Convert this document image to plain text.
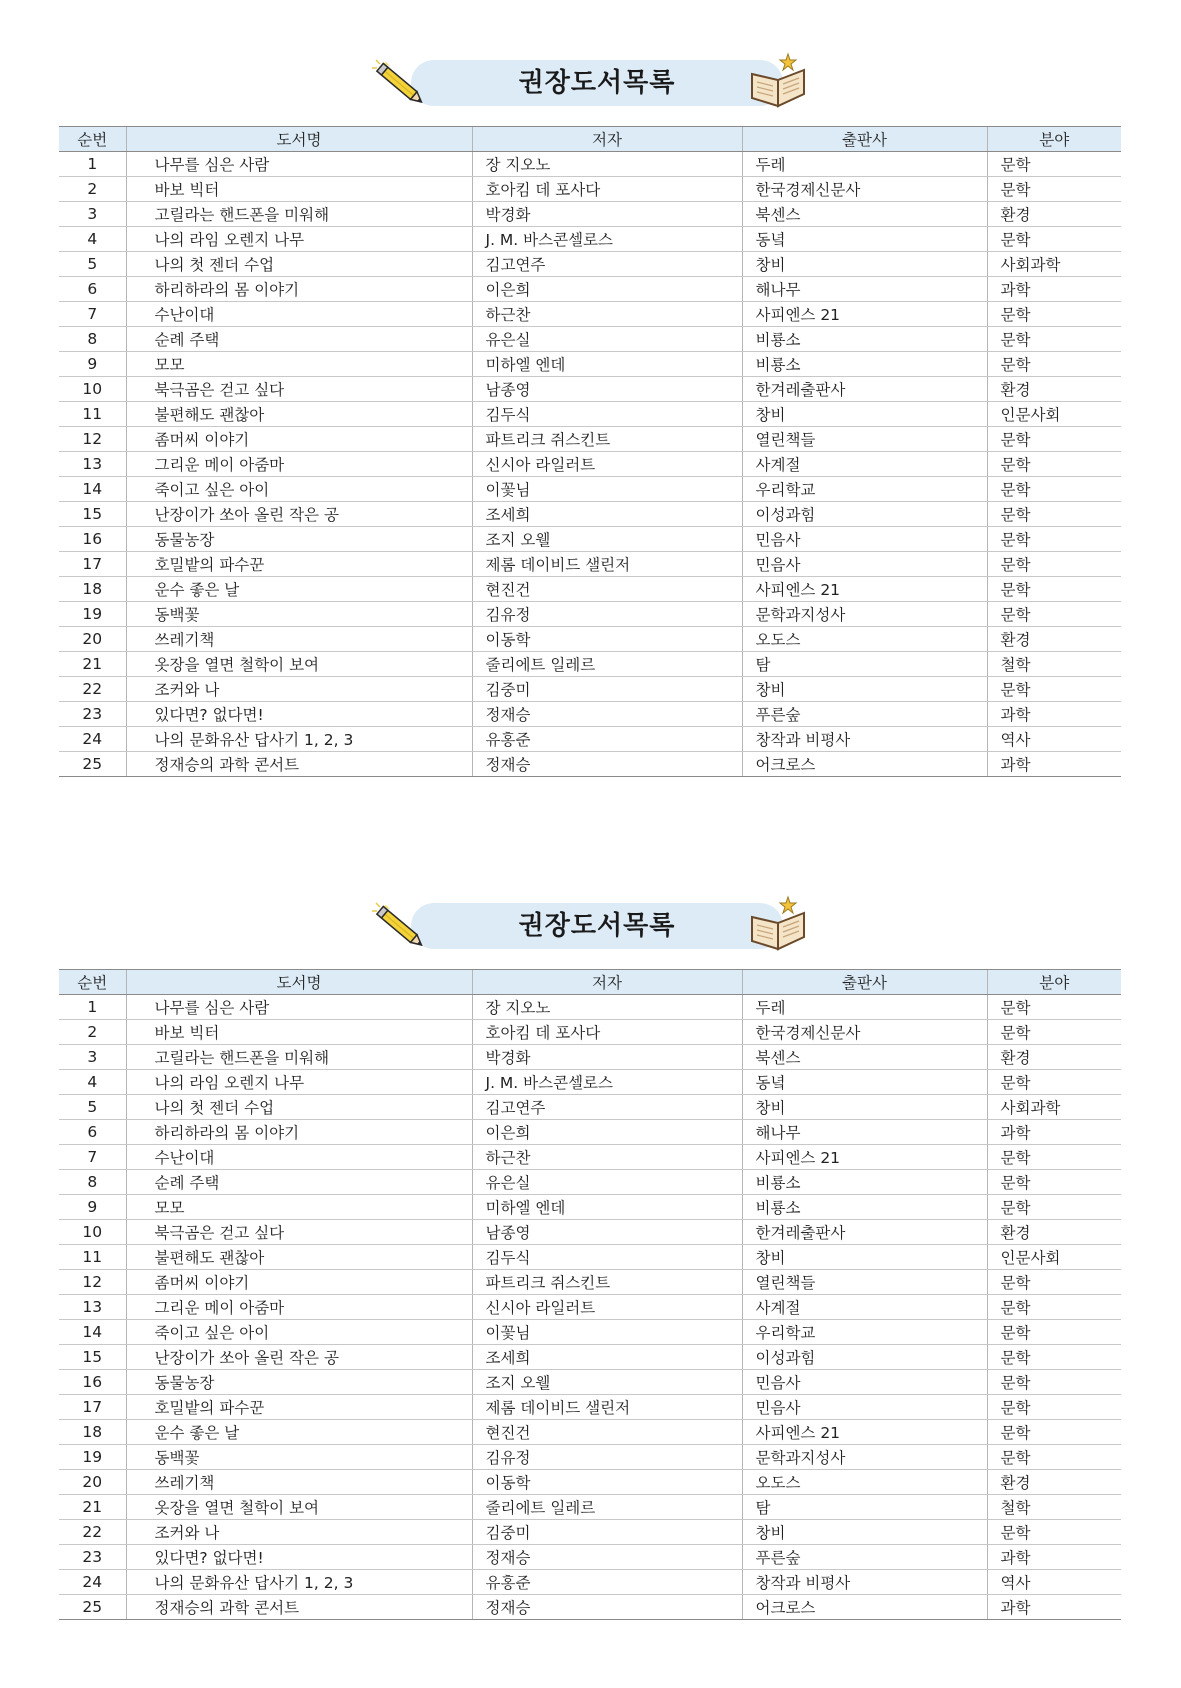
권장도서목록
순번	도서명	저자	출판사	분야
1	나무를 심은 사람	장 지오노	두레	문학
2	바보 빅터	호아킴 데 포사다	한국경제신문사	문학
3	고릴라는 핸드폰을 미워해	박경화	북센스	환경
4	나의 라임 오렌지 나무	J. M. 바스콘셀로스	동녘	문학
5	나의 첫 젠더 수업	김고연주	창비	사회과학
6	하리하라의 몸 이야기	이은희	해나무	과학
7	수난이대	하근찬	사피엔스 21	문학
8	순례 주택	유은실	비룡소	문학
9	모모	미하엘 엔데	비룡소	문학
10	북극곰은 걷고 싶다	남종영	한겨레출판사	환경
11	불편해도 괜찮아	김두식	창비	인문사회
12	좀머씨 이야기	파트리크 쥐스킨트	열린책들	문학
13	그리운 메이 아줌마	신시아 라일러트	사계절	문학
14	죽이고 싶은 아이	이꽃님	우리학교	문학
15	난장이가 쏘아 올린 작은 공	조세희	이성과힘	문학
16	동물농장	조지 오웰	민음사	문학
17	호밀밭의 파수꾼	제롬 데이비드 샐린저	민음사	문학
18	운수 좋은 날	현진건	사피엔스 21	문학
19	동백꽃	김유정	문학과지성사	문학
20	쓰레기책	이동학	오도스	환경
21	옷장을 열면 철학이 보여	줄리에트 일레르	탐	철학
22	조커와 나	김중미	창비	문학
23	있다면? 없다면!	정재승	푸른숲	과학
24	나의 문화유산 답사기 1, 2, 3	유홍준	창작과 비평사	역사
25	정재승의 과학 콘서트	정재승	어크로스	과학
권장도서목록
순번	도서명	저자	출판사	분야
1	나무를 심은 사람	장 지오노	두레	문학
2	바보 빅터	호아킴 데 포사다	한국경제신문사	문학
3	고릴라는 핸드폰을 미워해	박경화	북센스	환경
4	나의 라임 오렌지 나무	J. M. 바스콘셀로스	동녘	문학
5	나의 첫 젠더 수업	김고연주	창비	사회과학
6	하리하라의 몸 이야기	이은희	해나무	과학
7	수난이대	하근찬	사피엔스 21	문학
8	순례 주택	유은실	비룡소	문학
9	모모	미하엘 엔데	비룡소	문학
10	북극곰은 걷고 싶다	남종영	한겨레출판사	환경
11	불편해도 괜찮아	김두식	창비	인문사회
12	좀머씨 이야기	파트리크 쥐스킨트	열린책들	문학
13	그리운 메이 아줌마	신시아 라일러트	사계절	문학
14	죽이고 싶은 아이	이꽃님	우리학교	문학
15	난장이가 쏘아 올린 작은 공	조세희	이성과힘	문학
16	동물농장	조지 오웰	민음사	문학
17	호밀밭의 파수꾼	제롬 데이비드 샐린저	민음사	문학
18	운수 좋은 날	현진건	사피엔스 21	문학
19	동백꽃	김유정	문학과지성사	문학
20	쓰레기책	이동학	오도스	환경
21	옷장을 열면 철학이 보여	줄리에트 일레르	탐	철학
22	조커와 나	김중미	창비	문학
23	있다면? 없다면!	정재승	푸른숲	과학
24	나의 문화유산 답사기 1, 2, 3	유홍준	창작과 비평사	역사
25	정재승의 과학 콘서트	정재승	어크로스	과학
